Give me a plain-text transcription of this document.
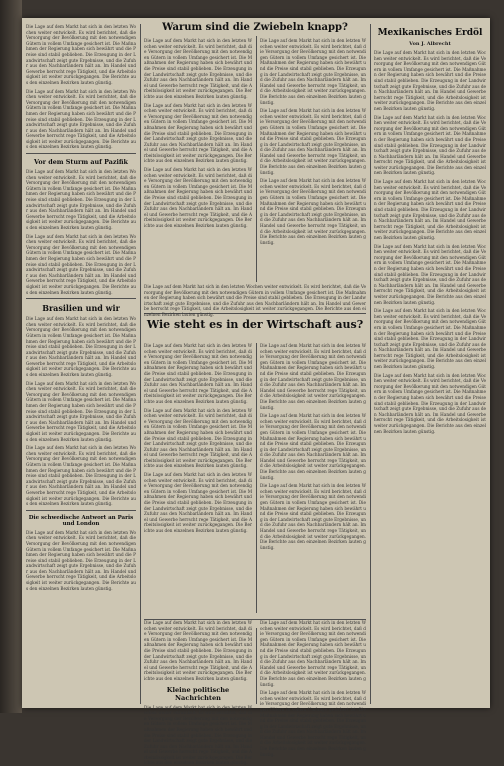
Die Lage auf dem Markt hat sich in den letzten Wochen weiter entwickelt. Es wird berichtet, daß die Versorgung der Bevölkerung mit den notwendigen Gütern in vollem Umfange gesichert ist. Die Maßnahmen der Regierung haben sich bewährt und die Preise sind stabil geblieben. Die Erzeugung in der Landwirtschaft zeigt gute Ergebnisse, und die Zufuhr aus den Nachbarländern hält an. Im Handel und Gewerbe herrscht rege Tätigkeit, und die Arbeitslosigkeit ist weiter zurückgegangen. Die Berichte aus den einzelnen Bezirken lauten günstig.

Die Lage auf dem Markt hat sich in den letzten Wochen weiter entwickelt. Es wird berichtet, daß die Versorgung der Bevölkerung mit den notwendigen Gütern in vollem Umfange gesichert ist. Die Maßnahmen der Regierung haben sich bewährt und die Preise sind stabil geblieben. Die Erzeugung in der Landwirtschaft zeigt gute Ergebnisse, und die Zufuhr aus den Nachbarländern hält an. Im Handel und Gewerbe herrscht rege Tätigkeit, und die Arbeitslosigkeit ist weiter zurückgegangen. Die Berichte aus den einzelnen Bezirken lauten günstig.

Vor dem Sturm auf Pazifik

Die Lage auf dem Markt hat sich in den letzten Wochen weiter entwickelt. Es wird berichtet, daß die Versorgung der Bevölkerung mit den notwendigen Gütern in vollem Umfange gesichert ist. Die Maßnahmen der Regierung haben sich bewährt und die Preise sind stabil geblieben. Die Erzeugung in der Landwirtschaft zeigt gute Ergebnisse, und die Zufuhr aus den Nachbarländern hält an. Im Handel und Gewerbe herrscht rege Tätigkeit, und die Arbeitslosigkeit ist weiter zurückgegangen. Die Berichte aus den einzelnen Bezirken lauten günstig.

Die Lage auf dem Markt hat sich in den letzten Wochen weiter entwickelt. Es wird berichtet, daß die Versorgung der Bevölkerung mit den notwendigen Gütern in vollem Umfange gesichert ist. Die Maßnahmen der Regierung haben sich bewährt und die Preise sind stabil geblieben. Die Erzeugung in der Landwirtschaft zeigt gute Ergebnisse, und die Zufuhr aus den Nachbarländern hält an. Im Handel und Gewerbe herrscht rege Tätigkeit, und die Arbeitslosigkeit ist weiter zurückgegangen. Die Berichte aus den einzelnen Bezirken lauten günstig.

Brasilien und wir

Die Lage auf dem Markt hat sich in den letzten Wochen weiter entwickelt. Es wird berichtet, daß die Versorgung der Bevölkerung mit den notwendigen Gütern in vollem Umfange gesichert ist. Die Maßnahmen der Regierung haben sich bewährt und die Preise sind stabil geblieben. Die Erzeugung in der Landwirtschaft zeigt gute Ergebnisse, und die Zufuhr aus den Nachbarländern hält an. Im Handel und Gewerbe herrscht rege Tätigkeit, und die Arbeitslosigkeit ist weiter zurückgegangen. Die Berichte aus den einzelnen Bezirken lauten günstig.

Die Lage auf dem Markt hat sich in den letzten Wochen weiter entwickelt. Es wird berichtet, daß die Versorgung der Bevölkerung mit den notwendigen Gütern in vollem Umfange gesichert ist. Die Maßnahmen der Regierung haben sich bewährt und die Preise sind stabil geblieben. Die Erzeugung in der Landwirtschaft zeigt gute Ergebnisse, und die Zufuhr aus den Nachbarländern hält an. Im Handel und Gewerbe herrscht rege Tätigkeit, und die Arbeitslosigkeit ist weiter zurückgegangen. Die Berichte aus den einzelnen Bezirken lauten günstig.

Die Lage auf dem Markt hat sich in den letzten Wochen weiter entwickelt. Es wird berichtet, daß die Versorgung der Bevölkerung mit den notwendigen Gütern in vollem Umfange gesichert ist. Die Maßnahmen der Regierung haben sich bewährt und die Preise sind stabil geblieben. Die Erzeugung in der Landwirtschaft zeigt gute Ergebnisse, und die Zufuhr aus den Nachbarländern hält an. Im Handel und Gewerbe herrscht rege Tätigkeit, und die Arbeitslosigkeit ist weiter zurückgegangen. Die Berichte aus den einzelnen Bezirken lauten günstig.

Die schwedische Antwort an Paris und London

Die Lage auf dem Markt hat sich in den letzten Wochen weiter entwickelt. Es wird berichtet, daß die Versorgung der Bevölkerung mit den notwendigen Gütern in vollem Umfange gesichert ist. Die Maßnahmen der Regierung haben sich bewährt und die Preise sind stabil geblieben. Die Erzeugung in der Landwirtschaft zeigt gute Ergebnisse, und die Zufuhr aus den Nachbarländern hält an. Im Handel und Gewerbe herrscht rege Tätigkeit, und die Arbeitslosigkeit ist weiter zurückgegangen. Die Berichte aus den einzelnen Bezirken lauten günstig.

Die Lage auf dem Markt hat sich in den letzten Wochen weiter entwickelt. Es wird berichtet, daß die Versorgung der Bevölkerung mit den notwendigen Gütern in vollem Umfange gesichert ist. Die Maßnahmen der Regierung haben sich bewährt und die Preise sind stabil geblieben. Die Erzeugung in der Landwirtschaft zeigt gute Ergebnisse, und die Zufuhr aus den Nachbarländern hält an. Im Handel und Gewerbe herrscht rege Tätigkeit, und die Arbeitslosigkeit ist weiter zurückgegangen. Die Berichte aus den einzelnen Bezirken lauten günstig.

Die Lage auf dem Markt hat sich in den letzten Wochen weiter entwickelt. Es wird berichtet, daß die Versorgung der Bevölkerung mit den notwendigen Gütern in vollem Umfange gesichert ist. Die Maßnahmen der Regierung haben sich bewährt und die Preise sind stabil geblieben. Die Erzeugung in der Landwirtschaft zeigt gute Ergebnisse, und die Zufuhr aus den Nachbarländern hält an. Im Handel und Gewerbe herrscht rege Tätigkeit, und die Arbeitslosigkeit ist weiter zurückgegangen. Die Berichte aus den einzelnen Bezirken lauten günstig.

Die Lage auf dem Markt hat sich in den letzten Wochen weiter entwickelt. Es wird berichtet, daß die Versorgung der Bevölkerung mit den notwendigen Gütern in vollem Umfange gesichert ist. Die Maßnahmen der Regierung haben sich bewährt und die Preise sind stabil geblieben. Die Erzeugung in der Landwirtschaft zeigt gute Ergebnisse, und die Zufuhr aus den Nachbarländern hält an. Im Handel und Gewerbe herrscht rege Tätigkeit, und die Arbeitslosigkeit ist weiter zurückgegangen. Die Berichte aus den einzelnen Bezirken lauten günstig.

Die Lage auf dem Markt hat sich in den letzten Wochen weiter entwickelt. Es wird berichtet, daß die Versorgung der Bevölkerung mit den notwendigen Gütern in vollem Umfange gesichert ist. Die Maßnahmen der Regierung haben sich bewährt und die Preise sind stabil geblieben. Die Erzeugung in der Landwirtschaft zeigt gute Ergebnisse, und die Zufuhr aus den Nachbarländern hält an. Im Handel und Gewerbe herrscht rege Tätigkeit, und die Arbeitslosigkeit ist weiter zurückgegangen. Die Berichte aus den einzelnen Bezirken lauten günstig.

Die Lage auf dem Markt hat sich in den letzten Wochen weiter entwickelt. Es wird berichtet, daß die Versorgung der Bevölkerung mit den notwendigen Gütern in vollem Umfange gesichert ist. Die Maßnahmen der Regierung haben sich bewährt und die Preise sind stabil geblieben. Die Erzeugung in der Landwirtschaft zeigt gute Ergebnisse, und die Zufuhr aus den Nachbarländern hält an. Im Handel und Gewerbe herrscht rege Tätigkeit, und die Arbeitslosigkeit ist weiter zurückgegangen. Die Berichte aus den einzelnen Bezirken lauten günstig.

Die Lage auf dem Markt hat sich in den letzten Wochen weiter entwickelt. Es wird berichtet, daß die Versorgung der Bevölkerung mit den notwendigen Gütern in vollem Umfange gesichert ist. Die Maßnahmen der Regierung haben sich bewährt und die Preise sind stabil geblieben. Die Erzeugung in der Landwirtschaft zeigt gute Ergebnisse, und die Zufuhr aus den Nachbarländern hält an. Im Handel und Gewerbe herrscht rege Tätigkeit, und die Arbeitslosigkeit ist weiter zurückgegangen. Die Berichte aus den einzelnen Bezirken lauten günstig.

Warum sind die Zwiebeln knapp?
Wie steht es in der Wirtschaft aus?

Die Lage auf dem Markt hat sich in den letzten Wochen weiter entwickelt. Es wird berichtet, daß die Versorgung der Bevölkerung mit den notwendigen Gütern in vollem Umfange gesichert ist. Die Maßnahmen der Regierung haben sich bewährt und die Preise sind stabil geblieben. Die Erzeugung in der Landwirtschaft zeigt gute Ergebnisse, und die Zufuhr aus den Nachbarländern hält an. Im Handel und Gewerbe herrscht rege Tätigkeit, und die Arbeitslosigkeit ist weiter zurückgegangen. Die Berichte aus den einzelnen Bezirken lauten günstig.

Die Lage auf dem Markt hat sich in den letzten Wochen weiter entwickelt. Es wird berichtet, daß die Versorgung der Bevölkerung mit den notwendigen Gütern in vollem Umfange gesichert ist. Die Maßnahmen der Regierung haben sich bewährt und die Preise sind stabil geblieben. Die Erzeugung in der Landwirtschaft zeigt gute Ergebnisse, und die Zufuhr aus den Nachbarländern hält an. Im Handel und Gewerbe herrscht rege Tätigkeit, und die Arbeitslosigkeit ist weiter zurückgegangen. Die Berichte aus den einzelnen Bezirken lauten günstig.

Die Lage auf dem Markt hat sich in den letzten Wochen weiter entwickelt. Es wird berichtet, daß die Versorgung der Bevölkerung mit den notwendigen Gütern in vollem Umfange gesichert ist. Die Maßnahmen der Regierung haben sich bewährt und die Preise sind stabil geblieben. Die Erzeugung in der Landwirtschaft zeigt gute Ergebnisse, und die Zufuhr aus den Nachbarländern hält an. Im Handel und Gewerbe herrscht rege Tätigkeit, und die Arbeitslosigkeit ist weiter zurückgegangen. Die Berichte aus den einzelnen Bezirken lauten günstig.

Die Lage auf dem Markt hat sich in den letzten Wochen weiter entwickelt. Es wird berichtet, daß die Versorgung der Bevölkerung mit den notwendigen Gütern in vollem Umfange gesichert ist. Die Maßnahmen der Regierung haben sich bewährt und die Preise sind stabil geblieben. Die Erzeugung in der Landwirtschaft zeigt gute Ergebnisse, und die Zufuhr aus den Nachbarländern hält an. Im Handel und Gewerbe herrscht rege Tätigkeit, und die Arbeitslosigkeit ist weiter zurückgegangen. Die Berichte aus den einzelnen Bezirken lauten günstig.

Die Lage auf dem Markt hat sich in den letzten Wochen weiter entwickelt. Es wird berichtet, daß die Versorgung der Bevölkerung mit den notwendigen Gütern in vollem Umfange gesichert ist. Die Maßnahmen der Regierung haben sich bewährt und die Preise sind stabil geblieben. Die Erzeugung in der Landwirtschaft zeigt gute Ergebnisse, und die Zufuhr aus den Nachbarländern hält an. Im Handel und Gewerbe herrscht rege Tätigkeit, und die Arbeitslosigkeit ist weiter zurückgegangen. Die Berichte aus den einzelnen Bezirken lauten günstig.

Die Lage auf dem Markt hat sich in den letzten Wochen weiter entwickelt. Es wird berichtet, daß die Versorgung der Bevölkerung mit den notwendigen Gütern in vollem Umfange gesichert ist. Die Maßnahmen der Regierung haben sich bewährt und die Preise sind stabil geblieben. Die Erzeugung in der Landwirtschaft zeigt gute Ergebnisse, und die Zufuhr aus den Nachbarländern hält an. Im Handel und Gewerbe herrscht rege Tätigkeit, und die Arbeitslosigkeit ist weiter zurückgegangen. Die Berichte aus den einzelnen Bezirken lauten günstig.

Die Lage auf dem Markt hat sich in den letzten Wochen weiter entwickelt. Es wird berichtet, daß die Versorgung der Bevölkerung mit den notwendigen Gütern in vollem Umfange gesichert ist. Die Maßnahmen der Regierung haben sich bewährt und die Preise sind stabil geblieben. Die Erzeugung in der Landwirtschaft zeigt gute Ergebnisse, und die Zufuhr aus den Nachbarländern hält an. Im Handel und Gewerbe herrscht rege Tätigkeit, und die Arbeitslosigkeit ist weiter zurückgegangen. Die Berichte aus den einzelnen Bezirken lauten günstig.

Die Lage auf dem Markt hat sich in den letzten Wochen weiter entwickelt. Es wird berichtet, daß die Versorgung der Bevölkerung mit den notwendigen Gütern in vollem Umfange gesichert ist. Die Maßnahmen der Regierung haben sich bewährt und die Preise sind stabil geblieben. Die Erzeugung in der Landwirtschaft zeigt gute Ergebnisse, und die Zufuhr aus den Nachbarländern hält an. Im Handel und Gewerbe herrscht rege Tätigkeit, und die Arbeitslosigkeit ist weiter zurückgegangen. Die Berichte aus den einzelnen Bezirken lauten günstig.

Kleine politische Nachrichten

Die Lage auf dem Markt hat sich in den letzten Wochen weiter entwickelt. Es wird berichtet, daß die Versorgung der Bevölkerung mit den notwendigen Gütern in vollem Umfange gesichert ist. Die Maßnahmen der Regierung haben sich bewährt und die Preise sind stabil geblieben. Die Erzeugung in der Landwirtschaft zeigt gute Ergebnisse, und die Zufuhr aus den Nachbarländern hält an. Im Handel und Gewerbe herrscht rege Tätigkeit, und die Arbeitslosigkeit ist weiter zurückgegangen. Die Berichte aus den einzelnen Bezirken lauten günstig.

Die Lage auf dem Markt hat sich in den letzten Wochen weiter entwickelt. Es wird berichtet, daß die Versorgung der Bevölkerung mit den notwendigen Gütern in vollem Umfange gesichert ist. Die Maßnahmen der Regierung haben sich bewährt und die Preise sind stabil geblieben. Die Erzeugung in der Landwirtschaft zeigt gute Ergebnisse, und die Zufuhr aus den Nachbarländern hält an. Im Handel und Gewerbe herrscht rege Tätigkeit, und die Arbeitslosigkeit ist weiter zurückgegangen. Die Berichte aus den einzelnen Bezirken lauten günstig.

Die Lage auf dem Markt hat sich in den letzten Wochen weiter entwickelt. Es wird berichtet, daß die Versorgung der Bevölkerung mit den notwendigen Gütern in vollem Umfange gesichert ist. Die Maßnahmen der Regierung haben sich bewährt und die Preise sind stabil geblieben. Die Erzeugung in der Landwirtschaft zeigt gute Ergebnisse, und die Zufuhr aus den Nachbarländern hält an. Im Handel und Gewerbe herrscht rege Tätigkeit, und die Arbeitslosigkeit ist weiter zurückgegangen. Die Berichte aus den einzelnen Bezirken lauten günstig.

Mexikanisches Erdöl
Von J. Albrecht

Die Lage auf dem Markt hat sich in den letzten Wochen weiter entwickelt. Es wird berichtet, daß die Versorgung der Bevölkerung mit den notwendigen Gütern in vollem Umfange gesichert ist. Die Maßnahmen der Regierung haben sich bewährt und die Preise sind stabil geblieben. Die Erzeugung in der Landwirtschaft zeigt gute Ergebnisse, und die Zufuhr aus den Nachbarländern hält an. Im Handel und Gewerbe herrscht rege Tätigkeit, und die Arbeitslosigkeit ist weiter zurückgegangen. Die Berichte aus den einzelnen Bezirken lauten günstig.

Die Lage auf dem Markt hat sich in den letzten Wochen weiter entwickelt. Es wird berichtet, daß die Versorgung der Bevölkerung mit den notwendigen Gütern in vollem Umfange gesichert ist. Die Maßnahmen der Regierung haben sich bewährt und die Preise sind stabil geblieben. Die Erzeugung in der Landwirtschaft zeigt gute Ergebnisse, und die Zufuhr aus den Nachbarländern hält an. Im Handel und Gewerbe herrscht rege Tätigkeit, und die Arbeitslosigkeit ist weiter zurückgegangen. Die Berichte aus den einzelnen Bezirken lauten günstig.

Die Lage auf dem Markt hat sich in den letzten Wochen weiter entwickelt. Es wird berichtet, daß die Versorgung der Bevölkerung mit den notwendigen Gütern in vollem Umfange gesichert ist. Die Maßnahmen der Regierung haben sich bewährt und die Preise sind stabil geblieben. Die Erzeugung in der Landwirtschaft zeigt gute Ergebnisse, und die Zufuhr aus den Nachbarländern hält an. Im Handel und Gewerbe herrscht rege Tätigkeit, und die Arbeitslosigkeit ist weiter zurückgegangen. Die Berichte aus den einzelnen Bezirken lauten günstig.

Die Lage auf dem Markt hat sich in den letzten Wochen weiter entwickelt. Es wird berichtet, daß die Versorgung der Bevölkerung mit den notwendigen Gütern in vollem Umfange gesichert ist. Die Maßnahmen der Regierung haben sich bewährt und die Preise sind stabil geblieben. Die Erzeugung in der Landwirtschaft zeigt gute Ergebnisse, und die Zufuhr aus den Nachbarländern hält an. Im Handel und Gewerbe herrscht rege Tätigkeit, und die Arbeitslosigkeit ist weiter zurückgegangen. Die Berichte aus den einzelnen Bezirken lauten günstig.

Die Lage auf dem Markt hat sich in den letzten Wochen weiter entwickelt. Es wird berichtet, daß die Versorgung der Bevölkerung mit den notwendigen Gütern in vollem Umfange gesichert ist. Die Maßnahmen der Regierung haben sich bewährt und die Preise sind stabil geblieben. Die Erzeugung in der Landwirtschaft zeigt gute Ergebnisse, und die Zufuhr aus den Nachbarländern hält an. Im Handel und Gewerbe herrscht rege Tätigkeit, und die Arbeitslosigkeit ist weiter zurückgegangen. Die Berichte aus den einzelnen Bezirken lauten günstig.

Die Lage auf dem Markt hat sich in den letzten Wochen weiter entwickelt. Es wird berichtet, daß die Versorgung der Bevölkerung mit den notwendigen Gütern in vollem Umfange gesichert ist. Die Maßnahmen der Regierung haben sich bewährt und die Preise sind stabil geblieben. Die Erzeugung in der Landwirtschaft zeigt gute Ergebnisse, und die Zufuhr aus den Nachbarländern hält an. Im Handel und Gewerbe herrscht rege Tätigkeit, und die Arbeitslosigkeit ist weiter zurückgegangen. Die Berichte aus den einzelnen Bezirken lauten günstig.
